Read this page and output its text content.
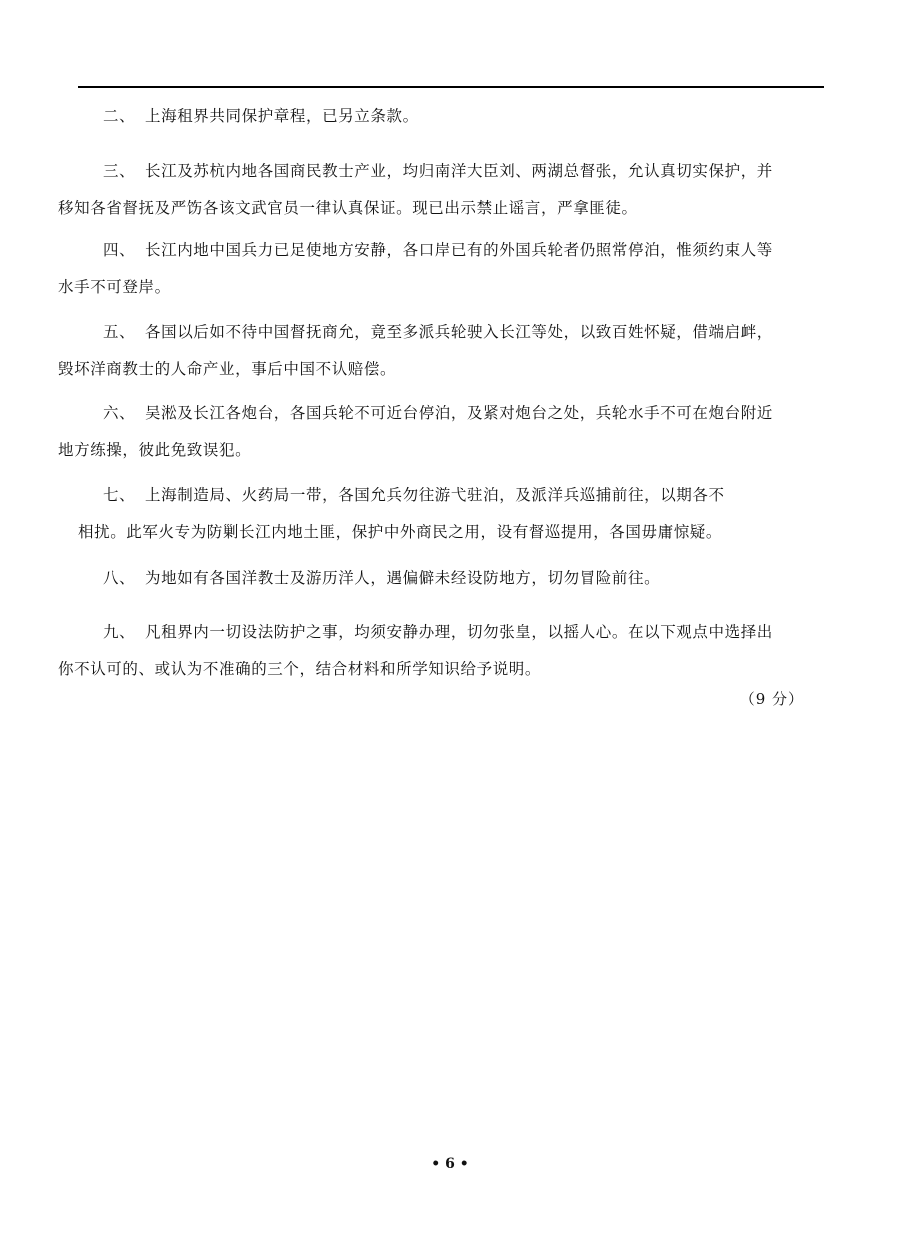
二、 上海租界共同保护章程，已另立条款。
三、 长江及苏杭内地各国商民教士产业，均归南洋大臣刘、两湖总督张，允认真切实保护，并
移知各省督抚及严饬各该文武官员一律认真保证。现已出示禁止谣言，严拿匪徒。
四、 长江内地中国兵力已足使地方安静，各口岸已有的外国兵轮者仍照常停泊，惟须约束人等
水手不可登岸。
五、 各国以后如不待中国督抚商允，竟至多派兵轮驶入长江等处，以致百姓怀疑，借端启衅，
毁坏洋商教士的人命产业，事后中国不认赔偿。
六、 吴淞及长江各炮台，各国兵轮不可近台停泊，及紧对炮台之处，兵轮水手不可在炮台附近
地方练操，彼此免致误犯。
七、 上海制造局、火药局一带，各国允兵勿往游弋驻泊，及派洋兵巡捕前往，以期各不
相扰。此军火专为防剿长江内地土匪，保护中外商民之用，设有督巡提用，各国毋庸惊疑。
八、 为地如有各国洋教士及游历洋人，遇偏僻未经设防地方，切勿冒险前往。
九、 凡租界内一切设法防护之事，均须安静办理，切勿张皇，以摇人心。在以下观点中选择出
你不认可的、或认为不准确的三个，结合材料和所学知识给予说明。
（9 分）
• 6 •
